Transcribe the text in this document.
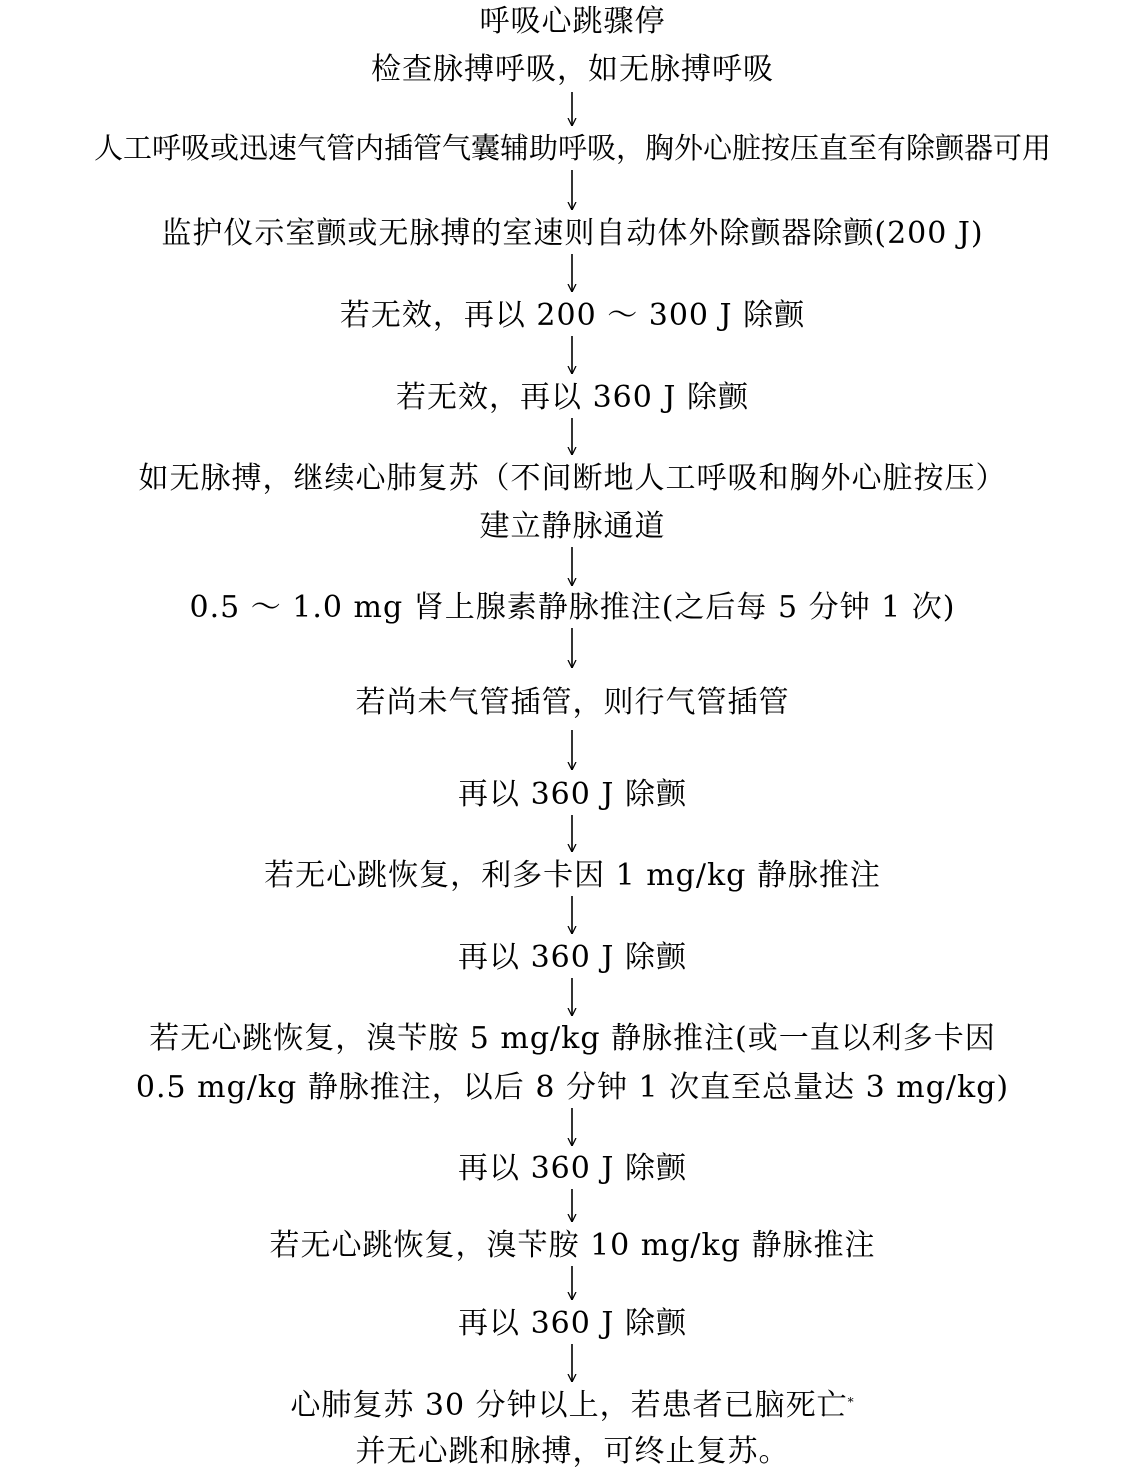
呼吸心跳骤停
检查脉搏呼吸，如无脉搏呼吸
人工呼吸或迅速气管内插管气囊辅助呼吸，胸外心脏按压直至有除颤器可用
监护仪示室颤或无脉搏的室速则自动体外除颤器除颤(200 J)
若无效，再以 200 ～ 300 J 除颤
若无效，再以 360 J 除颤
如无脉搏，继续心肺复苏（不间断地人工呼吸和胸外心脏按压）
建立静脉通道
0.5 ～ 1.0 mg 肾上腺素静脉推注(之后每 5 分钟 1 次)
若尚未气管插管，则行气管插管
再以 360 J 除颤
若无心跳恢复，利多卡因 1 mg/kg 静脉推注
再以 360 J 除颤
若无心跳恢复，溴苄胺 5 mg/kg 静脉推注(或一直以利多卡因
0.5 mg/kg 静脉推注，以后 8 分钟 1 次直至总量达 3 mg/kg)
再以 360 J 除颤
若无心跳恢复，溴苄胺 10 mg/kg 静脉推注
再以 360 J 除颤
心肺复苏 30 分钟以上，若患者已脑死亡*
并无心跳和脉搏，可终止复苏。
